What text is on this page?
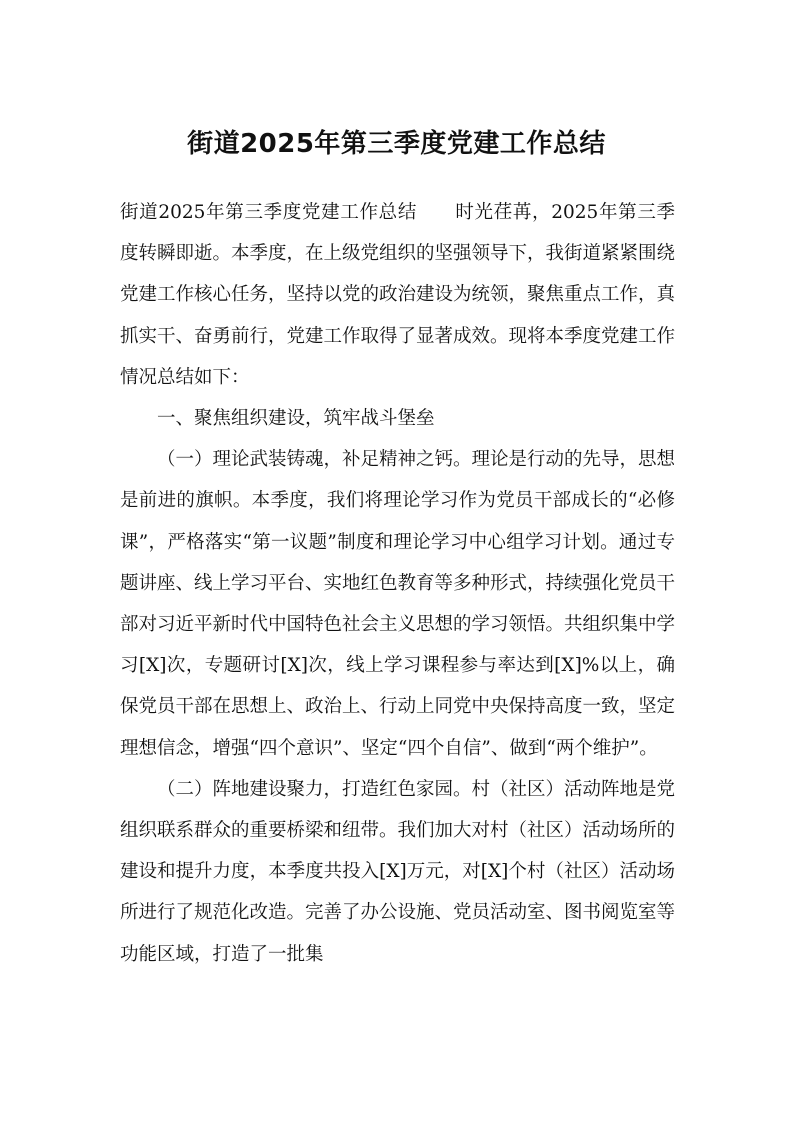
街道2025年第三季度党建工作总结

街道2025年第三季度党建工作总结　　时光荏苒，2025年第三季度转瞬即逝。本季度，在上级党组织的坚强领导下，我街道紧紧围绕党建工作核心任务，坚持以党的政治建设为统领，聚焦重点工作，真抓实干、奋勇前行，党建工作取得了显著成效。现将本季度党建工作情况总结如下：

一、聚焦组织建设，筑牢战斗堡垒

（一）理论武装铸魂，补足精神之钙。理论是行动的先导，思想是前进的旗帜。本季度，我们将理论学习作为党员干部成长的“必修课”，严格落实“第一议题”制度和理论学习中心组学习计划。通过专题讲座、线上学习平台、实地红色教育等多种形式，持续强化党员干部对习近平新时代中国特色社会主义思想的学习领悟。共组织集中学习[X]次，专题研讨[X]次，线上学习课程参与率达到[X]%以上，确保党员干部在思想上、政治上、行动上同党中央保持高度一致，坚定理想信念，增强“四个意识”、坚定“四个自信”、做到“两个维护”。

（二）阵地建设聚力，打造红色家园。村（社区）活动阵地是党组织联系群众的重要桥梁和纽带。我们加大对村（社区）活动场所的建设和提升力度，本季度共投入[X]万元，对[X]个村（社区）活动场所进行了规范化改造。完善了办公设施、党员活动室、图书阅览室等功能区域，打造了一批集
